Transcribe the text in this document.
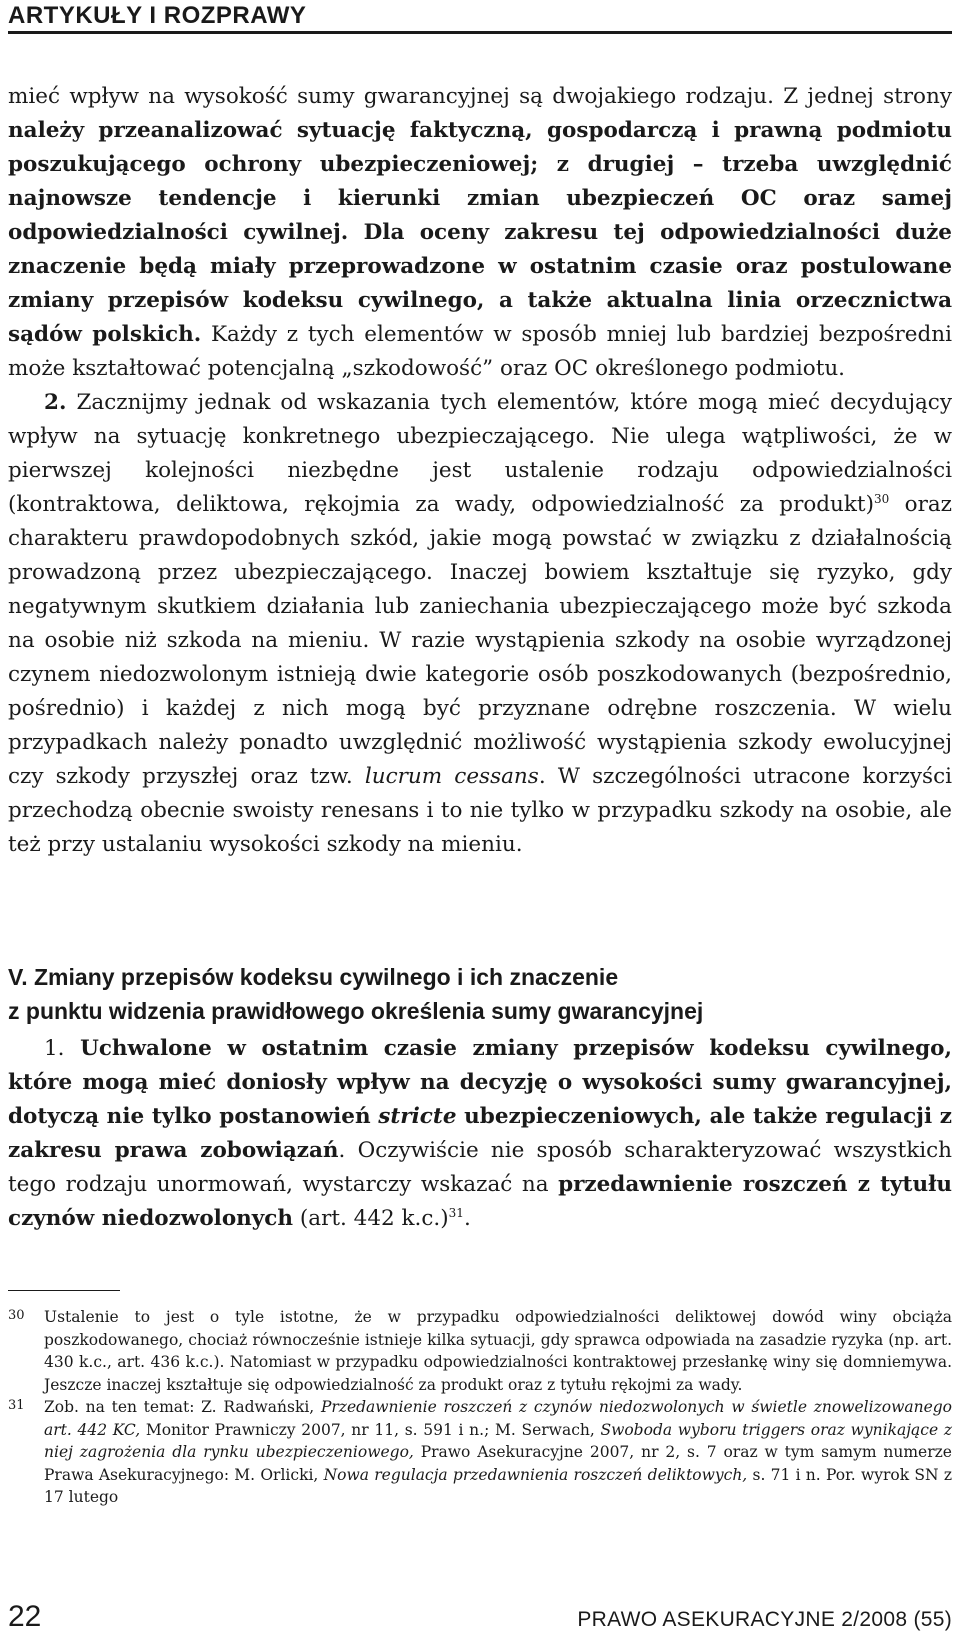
ARTYKUŁY I ROZPRAWY

mieć wpływ na wysokość sumy gwarancyjnej są dwojakiego rodzaju. Z jednej strony należy przeanalizować sytuację faktyczną, gospodarczą i prawną podmiotu poszukującego ochrony ubezpieczeniowej; z drugiej – trzeba uwzględnić najnowsze tendencje i kierunki zmian ubezpieczeń OC oraz samej odpowiedzialności cywilnej. Dla oceny zakresu tej odpowiedzialności duże znaczenie będą miały przeprowadzone w ostatnim czasie oraz postulowane zmiany przepisów kodeksu cywilnego, a także aktualna linia orzecznictwa sądów polskich. Każdy z tych elementów w sposób mniej lub bardziej bezpośredni może kształtować potencjalną „szkodowość” oraz OC określonego podmiotu.

2. Zacznijmy jednak od wskazania tych elementów, które mogą mieć decydujący wpływ na sytuację konkretnego ubezpieczającego. Nie ulega wątpliwości, że w pierwszej kolejności niezbędne jest ustalenie rodzaju odpowiedzialności (kontraktowa, deliktowa, rękojmia za wady, odpowiedzialność za produkt)$^{30}$ oraz charakteru prawdopodobnych szkód, jakie mogą powstać w związku z działalnością prowadzoną przez ubezpieczającego. Inaczej bowiem kształtuje się ryzyko, gdy negatywnym skutkiem działania lub zaniechania ubezpieczającego może być szkoda na osobie niż szkoda na mieniu. W razie wystąpienia szkody na osobie wyrządzonej czynem niedozwolonym istnieją dwie kategorie osób poszkodowanych (bezpośrednio, pośrednio) i każdej z nich mogą być przyznane odrębne roszczenia. W wielu przypadkach należy ponadto uwzględnić możliwość wystąpienia szkody ewolucyjnej czy szkody przyszłej oraz tzw. lucrum cessans. W szczególności utracone korzyści przechodzą obecnie swoisty renesans i to nie tylko w przypadku szkody na osobie, ale też przy ustalaniu wysokości szkody na mieniu.

V. Zmiany przepisów kodeksu cywilnego i ich znaczenie
z punktu widzenia prawidłowego określenia sumy gwarancyjnej

1. Uchwalone w ostatnim czasie zmiany przepisów kodeksu cywilnego, które mogą mieć doniosły wpływ na decyzję o wysokości sumy gwarancyjnej, dotyczą nie tylko postanowień stricte ubezpieczeniowych, ale także regulacji z zakresu prawa zobowiązań. Oczywiście nie sposób scharakteryzować wszystkich tego rodzaju unormowań, wystarczy wskazać na przedawnienie roszczeń z tytułu czynów niedozwolonych (art. 442 k.c.)$^{31}$.

30	Ustalenie to jest o tyle istotne, że w przypadku odpowiedzialności deliktowej dowód winy obciąża poszkodowanego, chociaż równocześnie istnieje kilka sytuacji, gdy sprawca odpowiada na zasadzie ryzyka (np. art. 430 k.c., art. 436 k.c.). Natomiast w przypadku odpowiedzialności kontraktowej przesłankę winy się domniemywa. Jeszcze inaczej kształtuje się odpowiedzialność za produkt oraz z tytułu rękojmi za wady.
31	Zob. na ten temat: Z. Radwański, Przedawnienie roszczeń z czynów niedozwolonych w świetle znowelizowanego art. 442 KC, Monitor Prawniczy 2007, nr 11, s. 591 i n.; M. Serwach, Swoboda wyboru triggers oraz wynikające z niej zagrożenia dla rynku ubezpieczeniowego, Prawo Asekuracyjne 2007, nr 2, s. 7 oraz w tym samym numerze Prawa Asekuracyjnego: M. Orlicki, Nowa regulacja przedawnienia roszczeń deliktowych, s. 71 i n. Por. wyrok SN z 17 lutego
22	PRAWO ASEKURACYJNE 2/2008 (55)
